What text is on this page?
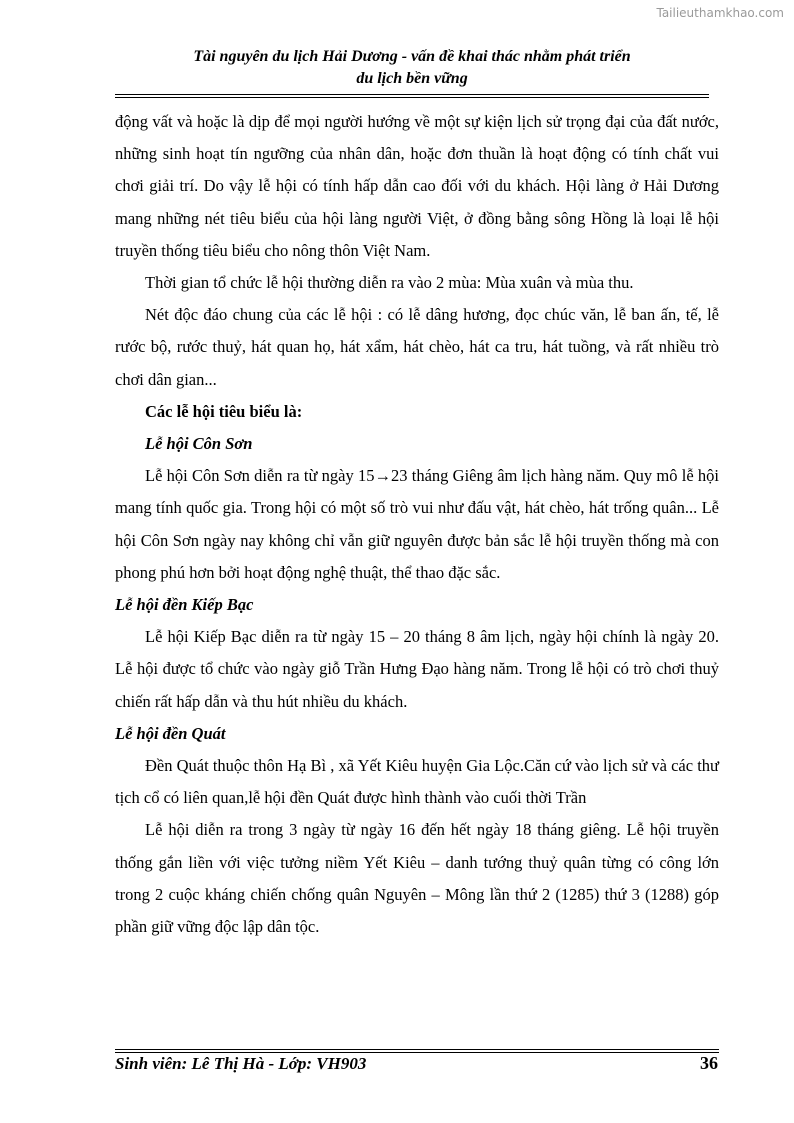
Tailieuthamkhao.com
Tài nguyên du lịch Hải Dương - vấn đề khai thác nhằm phát triển
du lịch bền vững

động vất và hoặc là dịp để mọi người hướng về một sự kiện lịch sử trọng đại của đất nước, những sinh hoạt tín ngưỡng của nhân dân, hoặc đơn thuần là hoạt động có tính chất vui chơi giải trí. Do vậy lễ hội có tính hấp dẫn cao đối với du khách. Hội làng ở Hải Dương mang những nét tiêu biểu của hội làng người Việt, ở đồng bằng sông Hồng là loại lễ hội truyền thống tiêu biểu cho nông thôn Việt Nam.

Thời gian tổ chức lễ hội thường diễn ra vào 2 mùa: Mùa xuân và mùa thu.

Nét độc đáo chung của các lễ hội : có lễ dâng hương, đọc chúc văn, lễ ban ấn, tế, lễ rước bộ, rước thuỷ, hát quan họ, hát xẩm, hát chèo, hát ca tru, hát tuồng, và rất nhiều trò chơi dân gian...

Các lễ hội tiêu biểu là:

Lễ hội Côn Sơn

Lễ hội Côn Sơn diễn ra từ ngày 15→23 tháng Giêng âm lịch hàng năm. Quy mô lễ hội mang tính quốc gia. Trong hội có một số trò vui như đấu vật, hát chèo, hát trống quân... Lễ hội Côn Sơn ngày nay không chỉ vẫn giữ nguyên được bản sắc lễ hội truyền thống mà con phong phú hơn bởi hoạt động nghệ thuật, thể thao đặc sắc.

Lễ hội đền Kiếp Bạc

Lễ hội Kiếp Bạc diễn ra từ ngày 15 – 20 tháng 8 âm lịch, ngày hội chính là ngày 20. Lễ hội được tổ chức vào ngày giỗ Trần Hưng Đạo hàng năm. Trong lễ hội có trò chơi thuỷ chiến rất hấp dẫn và thu hút nhiều du khách.

Lễ hội đền Quát

Đền Quát thuộc thôn Hạ Bì , xã Yết Kiêu huyện Gia Lộc.Căn cứ vào lịch sử và các thư tịch cổ có liên quan,lễ hội đền Quát được hình thành vào cuối thời Trần

Lễ hội diễn ra trong 3 ngày từ ngày 16 đến hết ngày 18 tháng giêng. Lễ hội truyền thống gắn liền với việc tưởng niềm Yết Kiêu – danh tướng thuỷ quân từng có công lớn trong 2 cuộc kháng chiến chống quân Nguyên – Mông lần thứ 2 (1285) thứ 3 (1288) góp phần giữ vững độc lập dân tộc.

Sinh viên: Lê Thị Hà - Lớp: VH903	36
